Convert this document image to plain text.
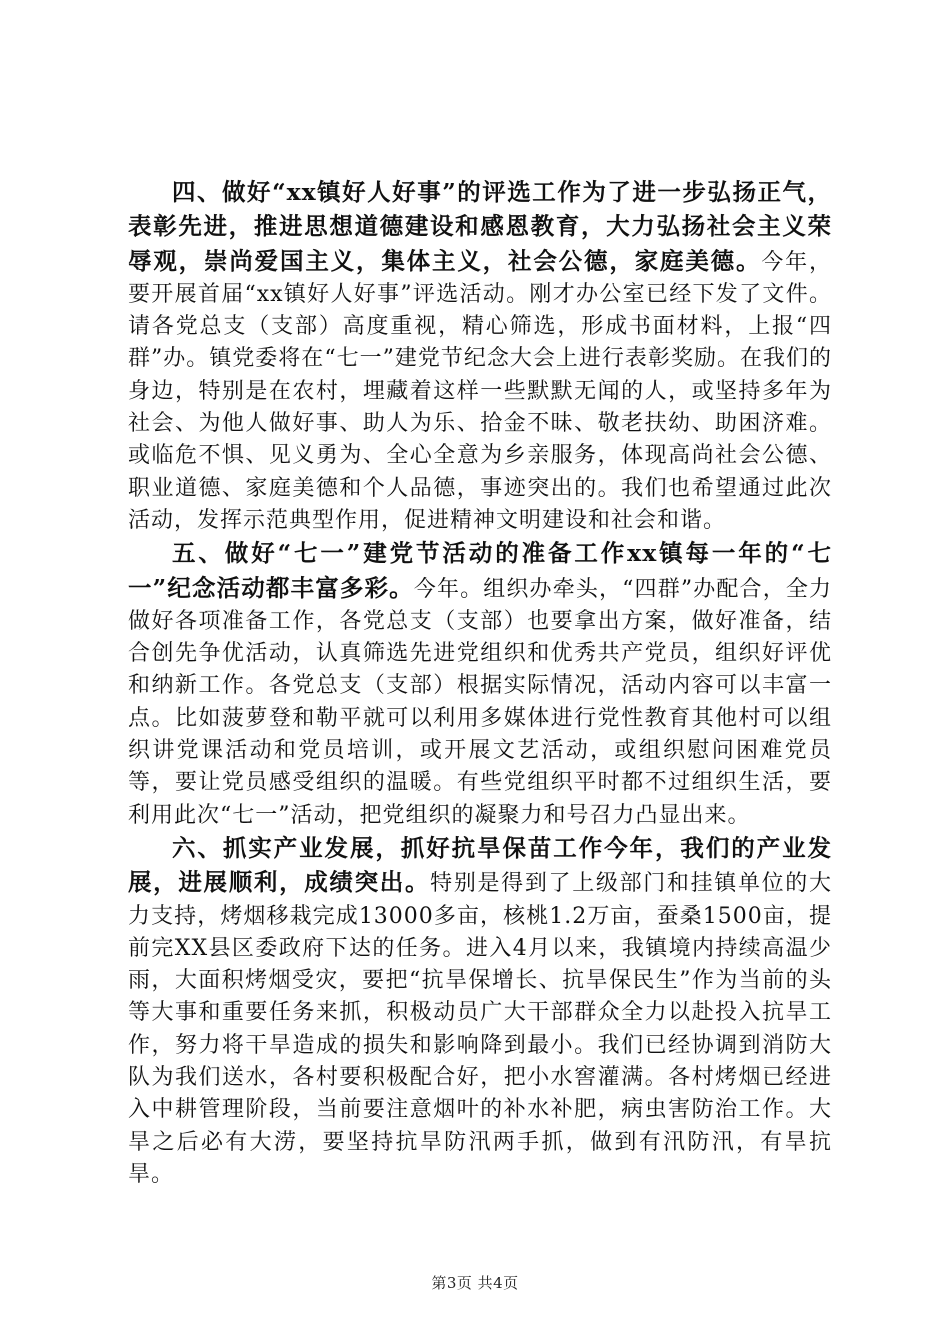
四、做好“xx镇好人好事”的评选工作为了进一步弘扬正气，表彰先进，推进思想道德建设和感恩教育，大力弘扬社会主义荣辱观，崇尚爱国主义，集体主义，社会公德，家庭美德。今年，要开展首届“xx镇好人好事”评选活动。刚才办公室已经下发了文件。请各党总支（支部）高度重视，精心筛选，形成书面材料，上报“四群”办。镇党委将在“七一”建党节纪念大会上进行表彰奖励。在我们的身边，特别是在农村，埋藏着这样一些默默无闻的人，或坚持多年为社会、为他人做好事、助人为乐、拾金不昧、敬老扶幼、助困济难。或临危不惧、见义勇为、全心全意为乡亲服务，体现高尚社会公德、职业道德、家庭美德和个人品德，事迹突出的。我们也希望通过此次活动，发挥示范典型作用，促进精神文明建设和社会和谐。

五、做好“七一”建党节活动的准备工作xx镇每一年的“七一”纪念活动都丰富多彩。今年。组织办牵头，“四群”办配合，全力做好各项准备工作，各党总支（支部）也要拿出方案，做好准备，结合创先争优活动，认真筛选先进党组织和优秀共产党员，组织好评优和纳新工作。各党总支（支部）根据实际情况，活动内容可以丰富一点。比如菠萝登和勒平就可以利用多媒体进行党性教育其他村可以组织讲党课活动和党员培训，或开展文艺活动，或组织慰问困难党员等，要让党员感受组织的温暖。有些党组织平时都不过组织生活，要利用此次“七一”活动，把党组织的凝聚力和号召力凸显出来。

六、抓实产业发展，抓好抗旱保苗工作今年，我们的产业发展，进展顺利，成绩突出。特别是得到了上级部门和挂镇单位的大力支持，烤烟移栽完成13000多亩，核桃1.2万亩，蚕桑1500亩，提前完XX县区委政府下达的任务。进入4月以来，我镇境内持续高温少雨，大面积烤烟受灾，要把“抗旱保增长、抗旱保民生”作为当前的头等大事和重要任务来抓，积极动员广大干部群众全力以赴投入抗旱工作，努力将干旱造成的损失和影响降到最小。我们已经协调到消防大队为我们送水，各村要积极配合好，把小水窖灌满。各村烤烟已经进入中耕管理阶段，当前要注意烟叶的补水补肥，病虫害防治工作。大旱之后必有大涝，要坚持抗旱防汛两手抓，做到有汛防汛，有旱抗旱。

第3页 共4页
